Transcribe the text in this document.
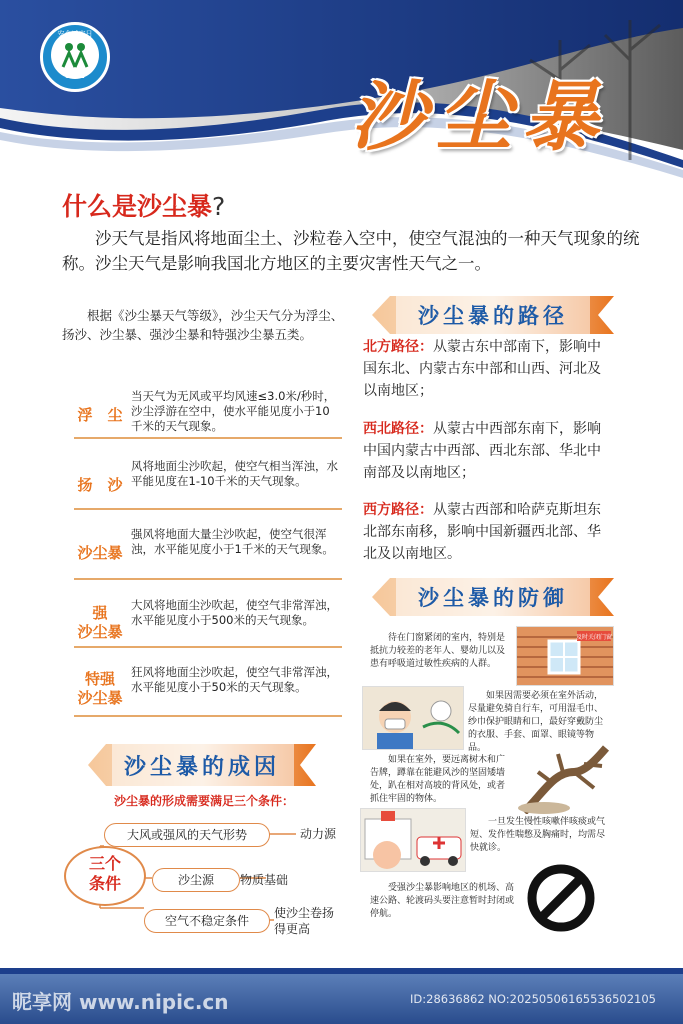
安全减灾日
5·12	沙尘暴
什么是沙尘暴?
沙天气是指风将地面尘土、沙粒卷入空中，使空气混浊的一种天气现象的统称。沙尘天气是影响我国北方地区的主要灾害性天气之一。
根据《沙尘暴天气等级》，沙尘天气分为浮尘、扬沙、沙尘暴、强沙尘暴和特强沙尘暴五类。
浮　尘
当天气为无风或平均风速≤3.0米/秒时，沙尘浮游在空中，使水平能见度小于10千米的天气现象。
扬　沙
风将地面尘沙吹起，使空气相当浑浊，水平能见度在1-10千米的天气现象。
沙尘暴
强风将地面大量尘沙吹起，使空气很浑浊，水平能见度小于1千米的天气现象。
强
沙尘暴
大风将地面尘沙吹起，使空气非常浑浊，水平能见度小于500米的天气现象。
特强
沙尘暴
狂风将地面尘沙吹起，使空气非常浑浊，水平能见度小于50米的天气现象。
沙尘暴的路径
北方路径：从蒙古东中部南下，影响中国东北、内蒙古东中部和山西、河北及以南地区；
西北路径：从蒙古中西部东南下，影响中国内蒙古中西部、西北东部、华北中南部及以南地区；
西方路径：从蒙古西部和哈萨克斯坦东北部东南移，影响中国新疆西北部、华北及以南地区。
沙尘暴的防御
待在门窗紧闭的室内，特别是抵抗力较差的老年人、婴幼儿以及患有呼吸道过敏性疾病的人群。
及时关闭门窗
如果因需要必须在室外活动，尽量避免骑自行车，可用湿毛巾、纱巾保护眼睛和口，最好穿戴防尘的衣服、手套、面罩、眼镜等物品。
如果在室外，要远离树木和广告牌，蹲靠在能避风沙的坚固矮墙处，趴在相对高坡的背风处，或者抓住牢固的物体。
一旦发生慢性咳嗽伴咳痰或气短、发作性喘憋及胸痛时，均需尽快就诊。
受强沙尘暴影响地区的机场、高速公路、轮渡码头要注意暂时封闭或停航。
沙尘暴的成因
沙尘暴的形成需要满足三个条件：
大风或强风的天气形势	动力源
沙尘源	物质基础
空气不稳定条件
使沙尘卷扬
得更高
三个
条件
昵享网 www.nipic.cn	ID:28636862 NO:20250506165536502105
